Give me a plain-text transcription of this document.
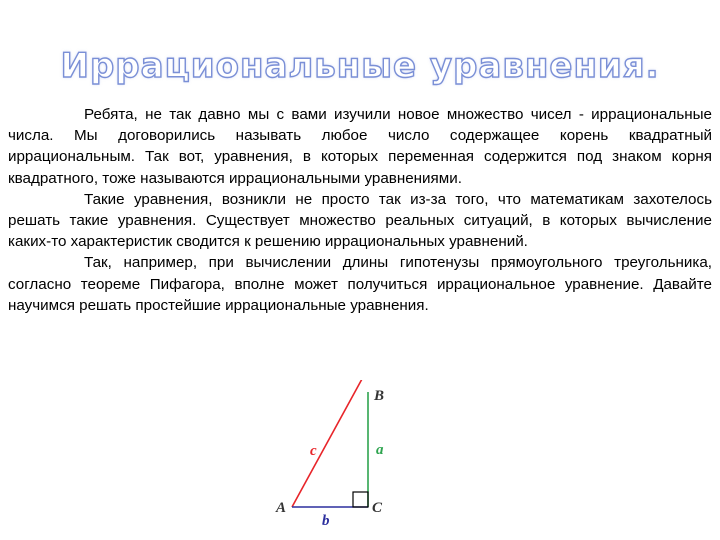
Иррациональные уравнения.

Ребята, не так давно мы с вами изучили новое множество чисел - иррациональные числа. Мы договорились называть любое число содержащее корень квадратный иррациональным. Так вот, уравнения, в которых переменная содержится под знаком корня квадратного, тоже называются иррациональными уравнениями.

Такие уравнения, возникли не просто так из-за того, что математикам захотелось решать такие уравнения. Существует множество реальных ситуаций, в которых вычисление каких-то характеристик сводится к решению иррациональных уравнений.

Так, например, при вычислении длины гипотенузы прямоугольного треугольника, согласно теореме Пифагора, вполне может получиться иррациональное уравнение. Давайте научимся решать простейшие иррациональные уравнения.

B
a
c
A	C
b
